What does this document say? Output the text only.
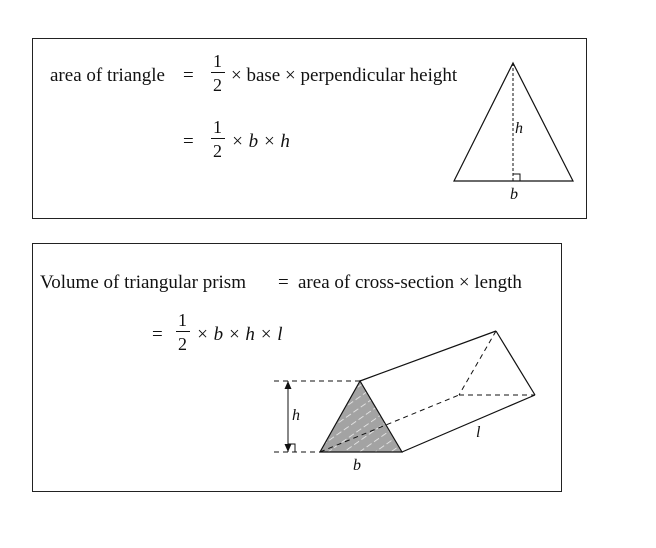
area of triangle =
1
2 × base × perpendicular height
=
1
2 × b × h
h
b
h
b
l
Volume of triangular prism = area of cross-section × length
=
1
2 × b × h × l
